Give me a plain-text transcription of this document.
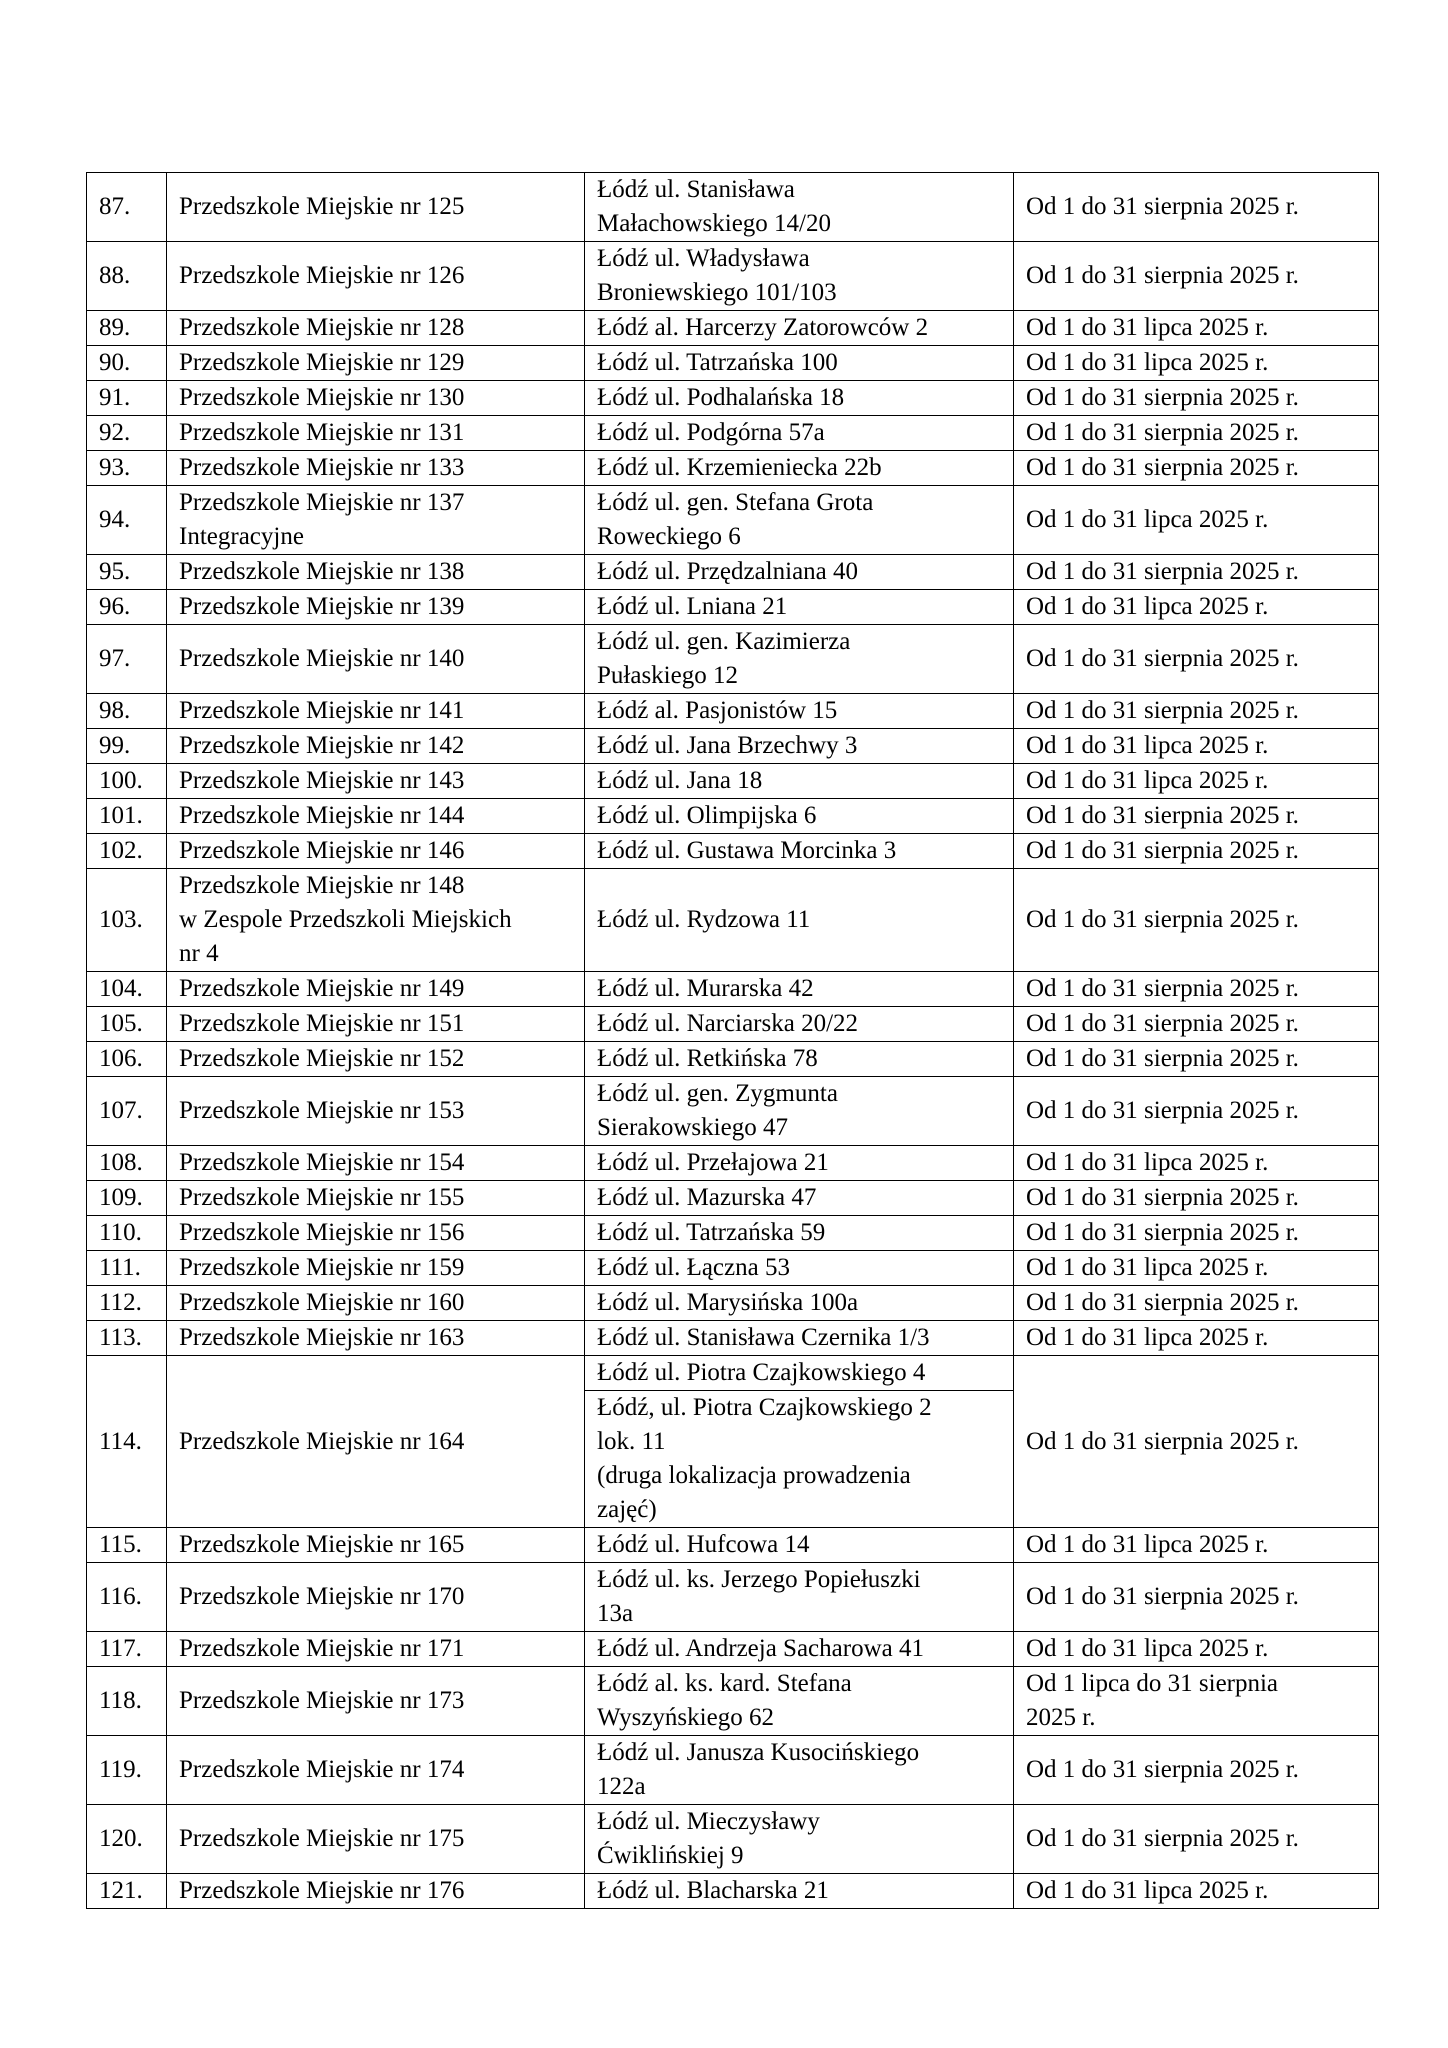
87.	Przedszkole Miejskie nr 125	Łódź ul. Stanisława
Małachowskiego 14/20	Od 1 do 31 sierpnia 2025 r.

88.	Przedszkole Miejskie nr 126	Łódź ul. Władysława
Broniewskiego 101/103	Od 1 do 31 sierpnia 2025 r.

89.	Przedszkole Miejskie nr 128	Łódź al. Harcerzy Zatorowców 2	Od 1 do 31 lipca 2025 r.

90.	Przedszkole Miejskie nr 129	Łódź ul. Tatrzańska 100	Od 1 do 31 lipca 2025 r.

91.	Przedszkole Miejskie nr 130	Łódź ul. Podhalańska 18	Od 1 do 31 sierpnia 2025 r.

92.	Przedszkole Miejskie nr 131	Łódź ul. Podgórna 57a	Od 1 do 31 sierpnia 2025 r.

93.	Przedszkole Miejskie nr 133	Łódź ul. Krzemieniecka 22b	Od 1 do 31 sierpnia 2025 r.

94.	Przedszkole Miejskie nr 137
Integracyjne	Łódź ul. gen. Stefana Grota
Roweckiego 6	Od 1 do 31 lipca 2025 r.

95.	Przedszkole Miejskie nr 138	Łódź ul. Przędzalniana 40	Od 1 do 31 sierpnia 2025 r.

96.	Przedszkole Miejskie nr 139	Łódź ul. Lniana 21	Od 1 do 31 lipca 2025 r.

97.	Przedszkole Miejskie nr 140	Łódź ul. gen. Kazimierza
Pułaskiego 12	Od 1 do 31 sierpnia 2025 r.

98.	Przedszkole Miejskie nr 141	Łódź al. Pasjonistów 15	Od 1 do 31 sierpnia 2025 r.

99.	Przedszkole Miejskie nr 142	Łódź ul. Jana Brzechwy 3	Od 1 do 31 lipca 2025 r.

100.	Przedszkole Miejskie nr 143	Łódź ul. Jana 18	Od 1 do 31 lipca 2025 r.

101.	Przedszkole Miejskie nr 144	Łódź ul. Olimpijska 6	Od 1 do 31 sierpnia 2025 r.

102.	Przedszkole Miejskie nr 146	Łódź ul. Gustawa Morcinka 3	Od 1 do 31 sierpnia 2025 r.

103.	Przedszkole Miejskie nr 148
w Zespole Przedszkoli Miejskich
nr 4	Łódź ul. Rydzowa 11	Od 1 do 31 sierpnia 2025 r.

104.	Przedszkole Miejskie nr 149	Łódź ul. Murarska 42	Od 1 do 31 sierpnia 2025 r.

105.	Przedszkole Miejskie nr 151	Łódź ul. Narciarska 20/22	Od 1 do 31 sierpnia 2025 r.

106.	Przedszkole Miejskie nr 152	Łódź ul. Retkińska 78	Od 1 do 31 sierpnia 2025 r.

107.	Przedszkole Miejskie nr 153	Łódź ul. gen. Zygmunta
Sierakowskiego 47	Od 1 do 31 sierpnia 2025 r.

108.	Przedszkole Miejskie nr 154	Łódź ul. Przełajowa 21	Od 1 do 31 lipca 2025 r.

109.	Przedszkole Miejskie nr 155	Łódź ul. Mazurska 47	Od 1 do 31 sierpnia 2025 r.

110.	Przedszkole Miejskie nr 156	Łódź ul. Tatrzańska 59	Od 1 do 31 sierpnia 2025 r.

111.	Przedszkole Miejskie nr 159	Łódź ul. Łączna 53	Od 1 do 31 lipca 2025 r.

112.	Przedszkole Miejskie nr 160	Łódź ul. Marysińska 100a	Od 1 do 31 sierpnia 2025 r.

113.	Przedszkole Miejskie nr 163	Łódź ul. Stanisława Czernika 1/3	Od 1 do 31 lipca 2025 r.

114.	Przedszkole Miejskie nr 164	Łódź ul. Piotra Czajkowskiego 4
Łódź, ul. Piotra Czajkowskiego 2
lok. 11
(druga lokalizacja prowadzenia
zajęć)	Od 1 do 31 sierpnia 2025 r.

115.	Przedszkole Miejskie nr 165	Łódź ul. Hufcowa 14	Od 1 do 31 lipca 2025 r.

116.	Przedszkole Miejskie nr 170	Łódź ul. ks. Jerzego Popiełuszki
13a	Od 1 do 31 sierpnia 2025 r.

117.	Przedszkole Miejskie nr 171	Łódź ul. Andrzeja Sacharowa 41	Od 1 do 31 lipca 2025 r.

118.	Przedszkole Miejskie nr 173	Łódź al. ks. kard. Stefana
Wyszyńskiego 62	Od 1 lipca do 31 sierpnia
2025 r.

119.	Przedszkole Miejskie nr 174	Łódź ul. Janusza Kusocińskiego
122a	Od 1 do 31 sierpnia 2025 r.

120.	Przedszkole Miejskie nr 175	Łódź ul. Mieczysławy
Ćwiklińskiej 9	Od 1 do 31 sierpnia 2025 r.

121.	Przedszkole Miejskie nr 176	Łódź ul. Blacharska 21	Od 1 do 31 lipca 2025 r.
